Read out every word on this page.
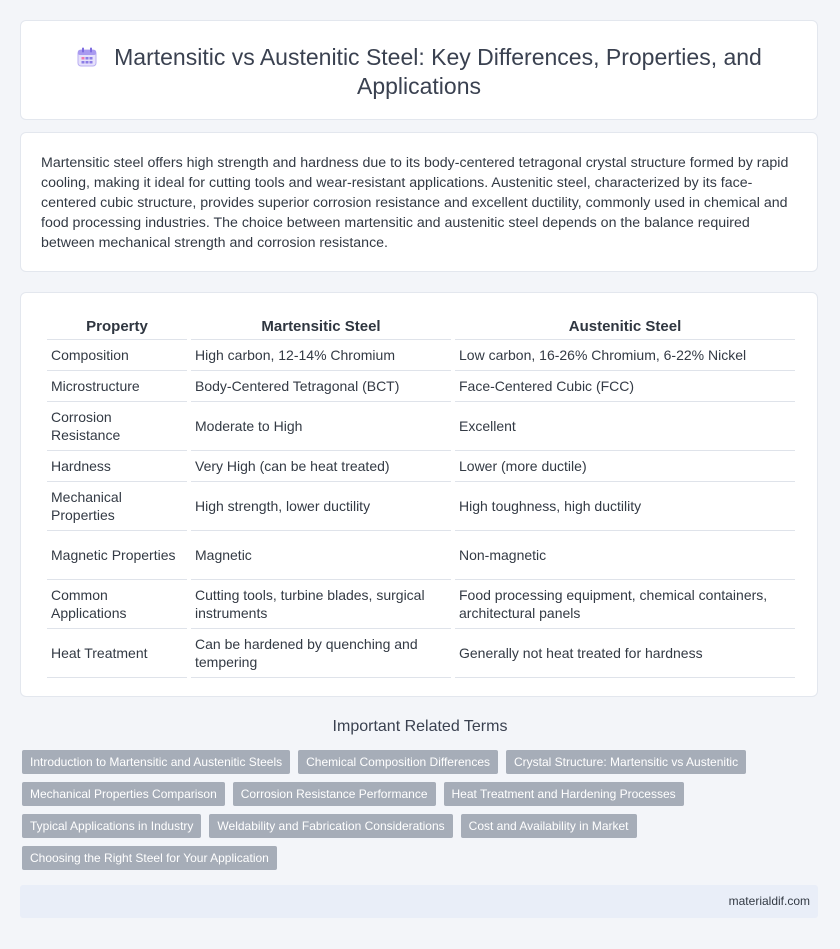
Martensitic vs Austenitic Steel: Key Differences, Properties, and Applications

Martensitic steel offers high strength and hardness due to its body-centered tetragonal crystal structure formed by rapid cooling, making it ideal for cutting tools and wear-resistant applications. Austenitic steel, characterized by its face-centered cubic structure, provides superior corrosion resistance and excellent ductility, commonly used in chemical and food processing industries. The choice between martensitic and austenitic steel depends on the balance required between mechanical strength and corrosion resistance.

Property	Martensitic Steel	Austenitic Steel
Composition	High carbon, 12-14% Chromium	Low carbon, 16-26% Chromium, 6-22% Nickel
Microstructure	Body-Centered Tetragonal (BCT)	Face-Centered Cubic (FCC)
Corrosion Resistance	Moderate to High	Excellent
Hardness	Very High (can be heat treated)	Lower (more ductile)
Mechanical Properties	High strength, lower ductility	High toughness, high ductility
Magnetic Properties	Magnetic	Non-magnetic
Common Applications	Cutting tools, turbine blades, surgical instruments	Food processing equipment, chemical containers, architectural panels
Heat Treatment	Can be hardened by quenching and tempering	Generally not heat treated for hardness
Important Related Terms
Introduction to Martensitic and Austenitic Steels	Chemical Composition Differences	Crystal Structure: Martensitic vs Austenitic
Mechanical Properties Comparison	Corrosion Resistance Performance	Heat Treatment and Hardening Processes
Typical Applications in Industry	Weldability and Fabrication Considerations	Cost and Availability in Market
Choosing the Right Steel for Your Application
materialdif.com
